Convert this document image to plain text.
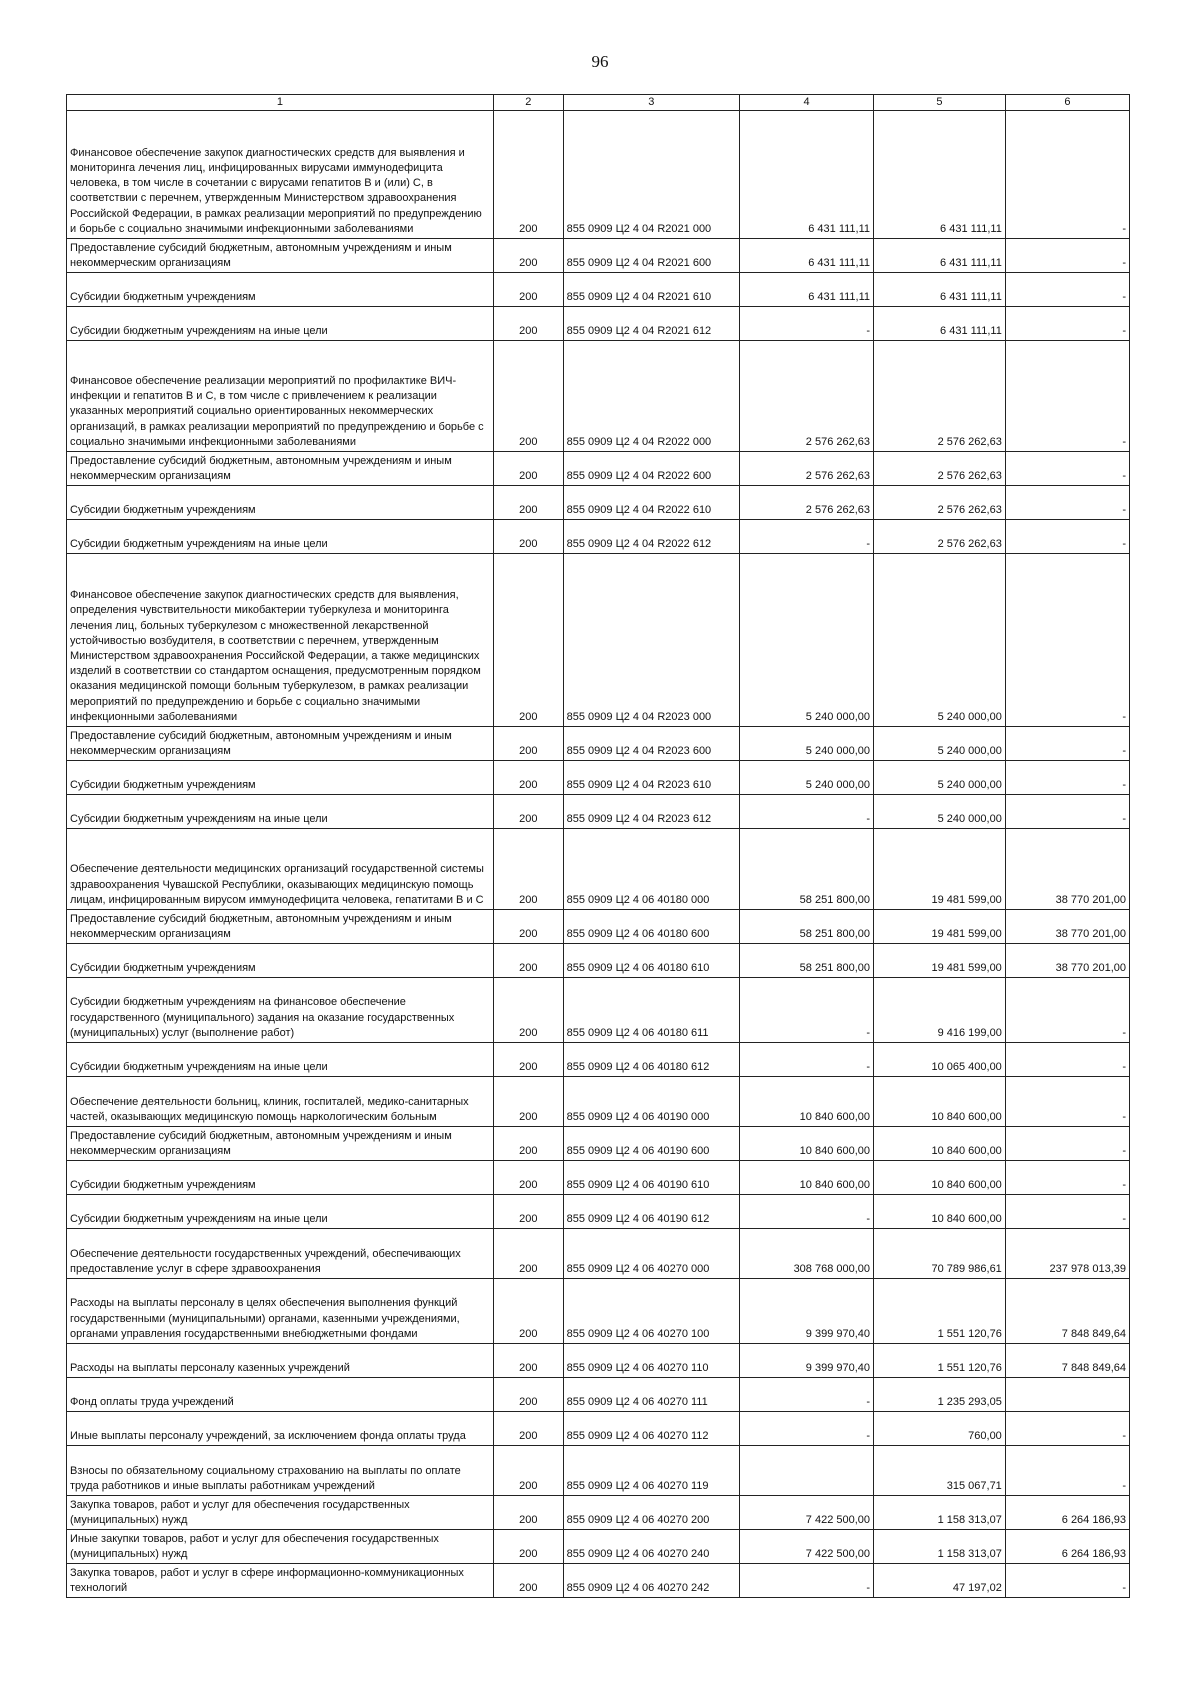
96
1	2	3	4	5	6
Финансовое обеспечение закупок диагностических средств для выявления и мониторинга лечения лиц, инфицированных вирусами иммунодефицита человека, в том числе в сочетании с вирусами гепатитов В и (или) С, в соответствии с перечнем, утвержденным Министерством здравоохранения Российской Федерации, в рамках реализации мероприятий по предупреждению и борьбе с социально значимыми инфекционными заболеваниями	200	855 0909 Ц2 4 04 R2021 000	6 431 111,11	6 431 111,11	-
Предоставление субсидий бюджетным, автономным учреждениям и иным некоммерческим организациям	200	855 0909 Ц2 4 04 R2021 600	6 431 111,11	6 431 111,11	-
Субсидии бюджетным учреждениям	200	855 0909 Ц2 4 04 R2021 610	6 431 111,11	6 431 111,11	-
Субсидии бюджетным учреждениям на иные цели	200	855 0909 Ц2 4 04 R2021 612	-	6 431 111,11	-
Финансовое обеспечение реализации мероприятий по профилактике ВИЧ-инфекции и гепатитов В и С, в том числе с привлечением к реализации указанных мероприятий социально ориентированных некоммерческих организаций, в рамках реализации мероприятий по предупреждению и борьбе с социально значимыми инфекционными заболеваниями	200	855 0909 Ц2 4 04 R2022 000	2 576 262,63	2 576 262,63	-
Предоставление субсидий бюджетным, автономным учреждениям и иным некоммерческим организациям	200	855 0909 Ц2 4 04 R2022 600	2 576 262,63	2 576 262,63	-
Субсидии бюджетным учреждениям	200	855 0909 Ц2 4 04 R2022 610	2 576 262,63	2 576 262,63	-
Субсидии бюджетным учреждениям на иные цели	200	855 0909 Ц2 4 04 R2022 612	-	2 576 262,63	-
Финансовое обеспечение закупок диагностических средств для выявления, определения чувствительности микобактерии туберкулеза и мониторинга лечения лиц, больных туберкулезом с множественной лекарственной устойчивостью возбудителя, в соответствии с перечнем, утвержденным Министерством здравоохранения Российской Федерации, а также медицинских изделий в соответствии со стандартом оснащения, предусмотренным порядком оказания медицинской помощи больным туберкулезом, в рамках реализации мероприятий по предупреждению и борьбе с социально значимыми инфекционными заболеваниями	200	855 0909 Ц2 4 04 R2023 000	5 240 000,00	5 240 000,00	-
Предоставление субсидий бюджетным, автономным учреждениям и иным некоммерческим организациям	200	855 0909 Ц2 4 04 R2023 600	5 240 000,00	5 240 000,00	-
Субсидии бюджетным учреждениям	200	855 0909 Ц2 4 04 R2023 610	5 240 000,00	5 240 000,00	-
Субсидии бюджетным учреждениям на иные цели	200	855 0909 Ц2 4 04 R2023 612	-	5 240 000,00	-
Обеспечение деятельности медицинских организаций государственной системы здравоохранения Чувашской Республики, оказывающих медицинскую помощь лицам, инфицированным вирусом иммунодефицита человека, гепатитами В и С	200	855 0909 Ц2 4 06 40180 000	58 251 800,00	19 481 599,00	38 770 201,00
Предоставление субсидий бюджетным, автономным учреждениям и иным некоммерческим организациям	200	855 0909 Ц2 4 06 40180 600	58 251 800,00	19 481 599,00	38 770 201,00
Субсидии бюджетным учреждениям	200	855 0909 Ц2 4 06 40180 610	58 251 800,00	19 481 599,00	38 770 201,00
Субсидии бюджетным учреждениям на финансовое обеспечение государственного (муниципального) задания на оказание государственных (муниципальных) услуг (выполнение работ)	200	855 0909 Ц2 4 06 40180 611	-	9 416 199,00	-
Субсидии бюджетным учреждениям на иные цели	200	855 0909 Ц2 4 06 40180 612	-	10 065 400,00	-
Обеспечение деятельности больниц, клиник, госпиталей, медико-санитарных частей, оказывающих медицинскую помощь наркологическим больным	200	855 0909 Ц2 4 06 40190 000	10 840 600,00	10 840 600,00	-
Предоставление субсидий бюджетным, автономным учреждениям и иным некоммерческим организациям	200	855 0909 Ц2 4 06 40190 600	10 840 600,00	10 840 600,00	-
Субсидии бюджетным учреждениям	200	855 0909 Ц2 4 06 40190 610	10 840 600,00	10 840 600,00	-
Субсидии бюджетным учреждениям на иные цели	200	855 0909 Ц2 4 06 40190 612	-	10 840 600,00	-
Обеспечение деятельности государственных учреждений, обеспечивающих предоставление услуг в сфере здравоохранения	200	855 0909 Ц2 4 06 40270 000	308 768 000,00	70 789 986,61	237 978 013,39
Расходы на выплаты персоналу в целях обеспечения выполнения функций государственными (муниципальными) органами, казенными учреждениями, органами управления государственными внебюджетными фондами	200	855 0909 Ц2 4 06 40270 100	9 399 970,40	1 551 120,76	7 848 849,64
Расходы на выплаты персоналу казенных учреждений	200	855 0909 Ц2 4 06 40270 110	9 399 970,40	1 551 120,76	7 848 849,64
Фонд оплаты труда учреждений	200	855 0909 Ц2 4 06 40270 111	-	1 235 293,05	
Иные выплаты персоналу учреждений, за исключением фонда оплаты труда	200	855 0909 Ц2 4 06 40270 112	-	760,00	-
Взносы по обязательному социальному страхованию на выплаты по оплате труда работников и иные выплаты работникам учреждений	200	855 0909 Ц2 4 06 40270 119		315 067,71	-
Закупка товаров, работ и услуг для обеспечения государственных (муниципальных) нужд	200	855 0909 Ц2 4 06 40270 200	7 422 500,00	1 158 313,07	6 264 186,93
Иные закупки товаров, работ и услуг для обеспечения государственных (муниципальных) нужд	200	855 0909 Ц2 4 06 40270 240	7 422 500,00	1 158 313,07	6 264 186,93
Закупка товаров, работ и услуг в сфере информационно-коммуникационных технологий	200	855 0909 Ц2 4 06 40270 242	-	47 197,02	-
